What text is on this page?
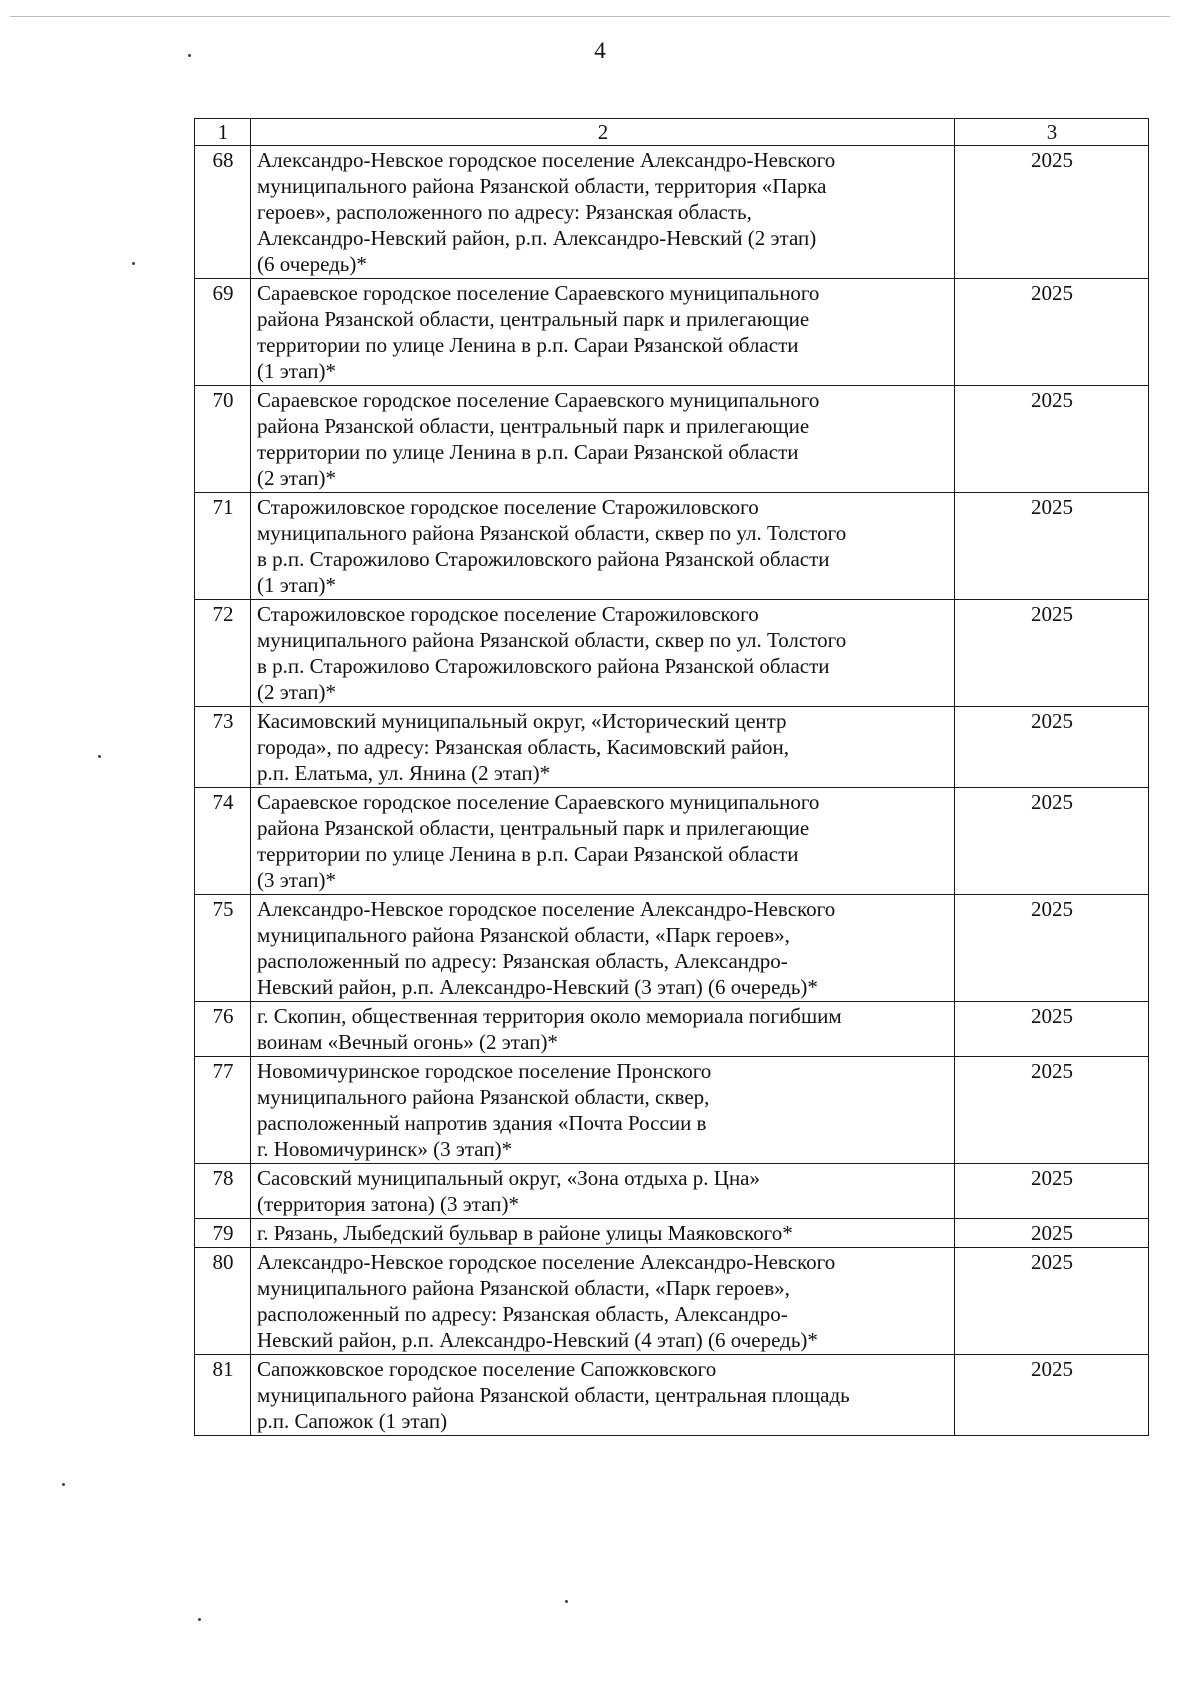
4
1	2	3
68	Александро-Невское городское поселение Александро-Невского
муниципального района Рязанской области, территория «Парка
героев», расположенного по адресу: Рязанская область,
Александро-Невский район, р.п. Александро-Невский (2 этап)
(6 очередь)*	2025
69	Сараевское городское поселение Сараевского муниципального
района Рязанской области, центральный парк и прилегающие
территории по улице Ленина в р.п. Сараи Рязанской области
(1 этап)*	2025
70	Сараевское городское поселение Сараевского муниципального
района Рязанской области, центральный парк и прилегающие
территории по улице Ленина в р.п. Сараи Рязанской области
(2 этап)*	2025
71	Старожиловское городское поселение Старожиловского
муниципального района Рязанской области, сквер по ул. Толстого
в р.п. Старожилово Старожиловского района Рязанской области
(1 этап)*	2025
72	Старожиловское городское поселение Старожиловского
муниципального района Рязанской области, сквер по ул. Толстого
в р.п. Старожилово Старожиловского района Рязанской области
(2 этап)*	2025
73	Касимовский муниципальный округ, «Исторический центр
города», по адресу: Рязанская область, Касимовский район,
р.п. Елатьма, ул. Янина (2 этап)*	2025
74	Сараевское городское поселение Сараевского муниципального
района Рязанской области, центральный парк и прилегающие
территории по улице Ленина в р.п. Сараи Рязанской области
(3 этап)*	2025
75	Александро-Невское городское поселение Александро-Невского
муниципального района Рязанской области, «Парк героев»,
расположенный по адресу: Рязанская область, Александро-
Невский район, р.п. Александро-Невский (3 этап) (6 очередь)*	2025
76	г. Скопин, общественная территория около мемориала погибшим
воинам «Вечный огонь» (2 этап)*	2025
77	Новомичуринское городское поселение Пронского
муниципального района Рязанской области, сквер,
расположенный напротив здания «Почта России в
г. Новомичуринск» (3 этап)*	2025
78	Сасовский муниципальный округ, «Зона отдыха р. Цна»
(территория затона) (3 этап)*	2025
79	г. Рязань, Лыбедский бульвар в районе улицы Маяковского*	2025
80	Александро-Невское городское поселение Александро-Невского
муниципального района Рязанской области, «Парк героев»,
расположенный по адресу: Рязанская область, Александро-
Невский район, р.п. Александро-Невский (4 этап) (6 очередь)*	2025
81	Сапожковское городское поселение Сапожковского
муниципального района Рязанской области, центральная площадь
р.п. Сапожок (1 этап)	2025
